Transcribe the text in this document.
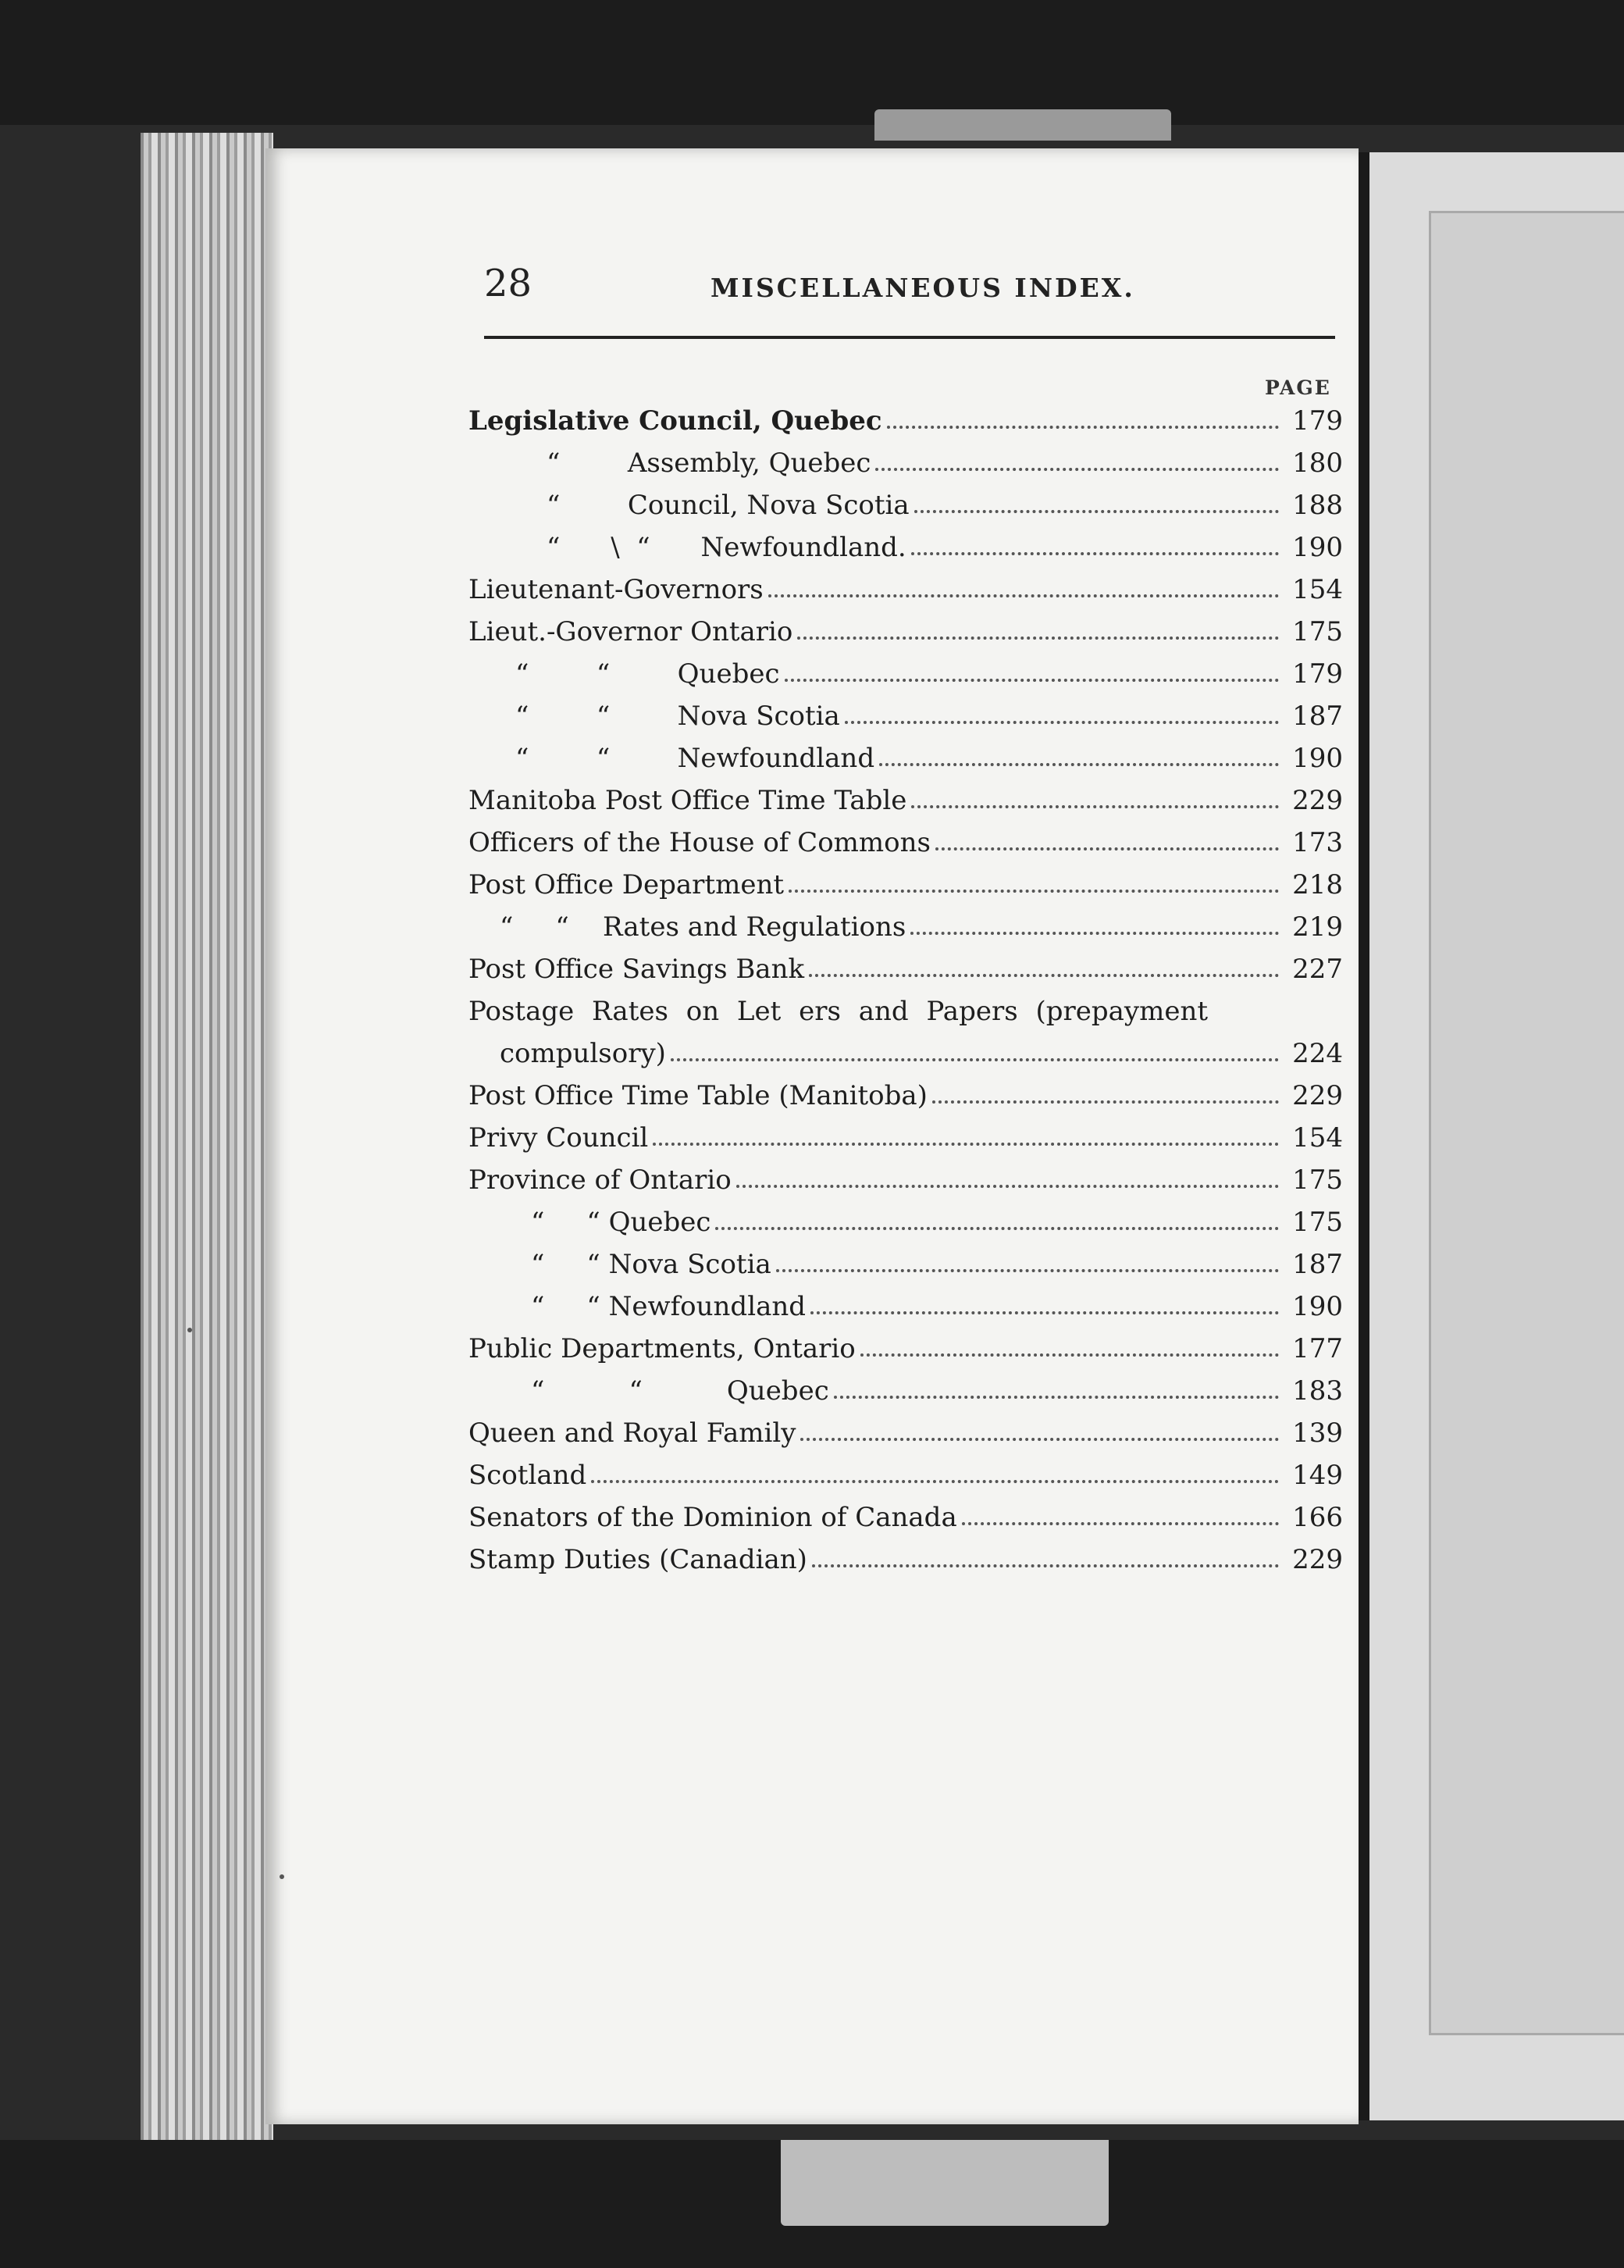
28	MISCELLANEOUS INDEX.
PAGE
Legislative Council, Quebec	179
“        Assembly, Quebec	180
“        Council, Nova Scotia	188
“      \  “      Newfoundland.	190
Lieutenant-Governors	154
Lieut.-Governor Ontario	175
“        “        Quebec	179
“        “        Nova Scotia	187
“        “        Newfoundland	190
Manitoba Post Office Time Table	229
Officers of the House of Commons	173
Post Office Department	218
“     “    Rates and Regulations	219
Post Office Savings Bank	227
Postage Rates on Let ers and Papers (prepayment
compulsory)	224
Post Office Time Table (Manitoba)	229
Privy Council	154
Province of Ontario	175
“     “ Quebec	175
“     “ Nova Scotia	187
“     “ Newfoundland	190
Public Departments, Ontario	177
“          “          Quebec	183
Queen and Royal Family	139
Scotland	149
Senators of the Dominion of Canada	166
Stamp Duties (Canadian)	229
